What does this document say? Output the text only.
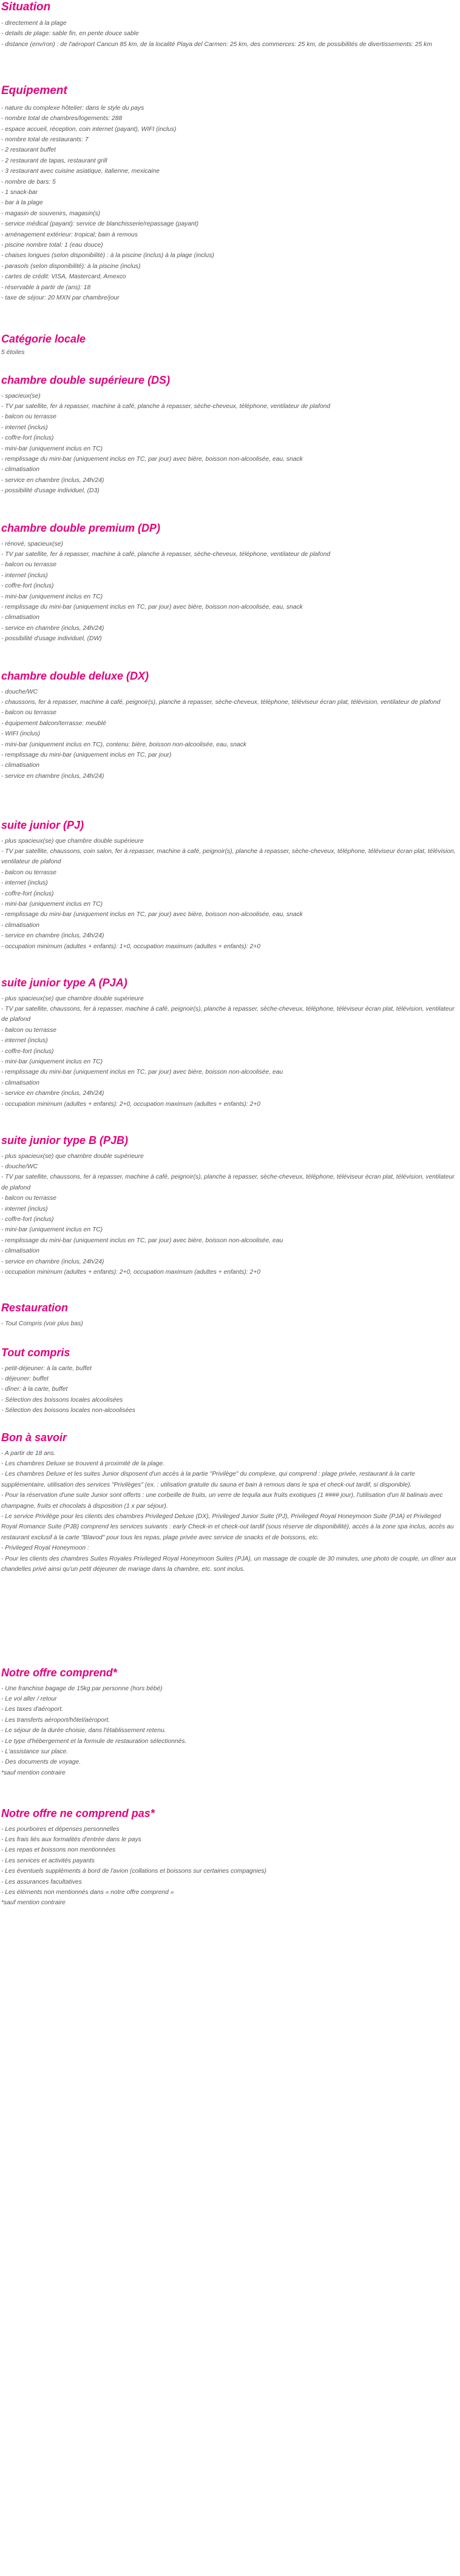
Situation
- directement à la plage
- details de plage: sable fin, en pente douce sable
- distance (env/ron) : de l'aéroport Cancun 85 km, de la localité Playa del Carmen: 25 km, des commerces: 25 km, de possibilités de divertissements: 25 km
Equipement
- nature du complexe hôtelier: dans le style du pays
- nombre total de chambres/logements: 288
- espace accueil, réception, coin internet (payant), WIFI (inclus)
- nombre total de restaurants: 7
- 2 restaurant buffet
- 2 restaurant de tapas, restaurant grill
- 3 restaurant avec cuisine asiatique, italienne, mexicaine
- nombre de bars: 5
- 1 snack-bar
- bar à la plage
- magasin de souvenirs, magasin(s)
- service médical (payant): service de blanchisserie/repassage (payant)
- aménagement extérieur: tropical; bain à remous
- piscine nombre total: 1 (eau douce)
- chaises longues (selon disponibilité) : à la piscine (inclus) à la plage (inclus)
- parasols (selon disponibilité): à la piscine (inclus)
- cartes de crédit: VISA, Mastercard, Amexco
- réservable à partir de (ans): 18
- taxe de séjour: 20 MXN par chambre/jour
Catégorie locale
5 étoiles
chambre double supérieure (DS)
- spacieux(se)
- TV par satellite, fer à repasser, machine à café, planche à repasser, sèche-cheveux, téléphone, ventilateur de plafond
- balcon ou terrasse
- internet (inclus)
- coffre-fort (inclus)
- mini-bar (uniquement inclus en TC)
- remplissage du mini-bar (uniquement inclus en TC, par jour) avec bière, boisson non-alcoolisée, eau, snack
- climatisation
- service en chambre (inclus, 24h/24)
- possibilité d'usage individuel, (D3)
chambre double premium (DP)
- rénové, spacieux(se)
- TV par satellite, fer à repasser, machine à café, planche à repasser, sèche-cheveux, téléphone, ventilateur de plafond
- balcon ou terrasse
- internet (inclus)
- coffre-fort (inclus)
- mini-bar (uniquement inclus en TC)
- remplissage du mini-bar (uniquement inclus en TC, par jour) avec bière, boisson non-alcoolisée, eau, snack
- climatisation
- service en chambre (inclus, 24h/24)
- possibilité d'usage individuel, (DW)
chambre double deluxe (DX)
- douche/WC
- chaussons, fer à repasser, machine à café, peignoir(s), planche à repasser, sèche-cheveux, téléphone, téléviseur écran plat, télévision, ventilateur de plafond
- balcon ou terrasse
- équipement balcon/terrasse: meublé
- WIFI (inclus)
- mini-bar (uniquement inclus en TC), contenu: bière, boisson non-alcoolisée, eau, snack
- remplissage du mini-bar (uniquement inclus en TC, par jour)
- climatisation
- service en chambre (inclus, 24h/24)
suite junior (PJ)
- plus spacieux(se) que chambre double supérieure
- TV par satellite, chaussons, coin salon, fer à repasser, machine à café, peignoir(s), planche à repasser, sèche-cheveux, téléphone, téléviseur écran plat, télévision, ventilateur de plafond
- balcon ou terrasse
- internet (inclus)
- coffre-fort (inclus)
- mini-bar (uniquement inclus en TC)
- remplissage du mini-bar (uniquement inclus en TC, par jour) avec bière, boisson non-alcoolisée, eau, snack
- climatisation
- service en chambre (inclus, 24h/24)
- occupation minimum (adultes + enfants): 1+0, occupation maximum (adultes + enfants): 2+0
suite junior type A (PJA)
- plus spacieux(se) que chambre double supérieure
- TV par satellite, chaussons, fer à repasser, machine à café, peignoir(s), planche à repasser, sèche-cheveux, téléphone, téléviseur écran plat, télévision, ventilateur de plafond
- balcon ou terrasse
- internet (inclus)
- coffre-fort (inclus)
- mini-bar (uniquement inclus en TC)
- remplissage du mini-bar (uniquement inclus en TC, par jour) avec bière, boisson non-alcoolisée, eau
- climatisation
- service en chambre (inclus, 24h/24)
- occupation minimum (adultes + enfants): 2+0, occupation maximum (adultes + enfants): 2+0
suite junior type B (PJB)
- plus spacieux(se) que chambre double supérieure
- douche/WC
- TV par satellite, chaussons, fer à repasser, machine à café, peignoir(s), planche à repasser, sèche-cheveux, téléphone, téléviseur écran plat, télévision, ventilateur de plafond
- balcon ou terrasse
- internet (inclus)
- coffre-fort (inclus)
- mini-bar (uniquement inclus en TC)
- remplissage du mini-bar (uniquement inclus en TC, par jour) avec bière, boisson non-alcoolisée, eau
- climatisation
- service en chambre (inclus, 24h/24)
- occupation minimum (adultes + enfants): 2+0, occupation maximum (adultes + enfants): 2+0
Restauration
- Tout Compris (voir plus bas)
Tout compris
- petit-déjeuner: à la carte, buffet
- déjeuner: buffet
- dîner: à la carte, buffet
- Sélection des boissons locales alcoolisées
- Sélection des boissons locales non-alcoolisées
Bon à savoir
- A partir de 18 ans.
- Les chambres Deluxe se trouvent à proximité de la plage.
- Les chambres Deluxe et les suites Junior disposent d'un accès à la partie "Privilège" du complexe, qui comprend : plage privée, restaurant à la carte supplémentaire, utilisation des services "Privilèges" (ex. : utilisation gratuite du sauna et bain à remous dans le spa et check-out tardif, si disponible).
- Pour la réservation d'une suite Junior sont offerts : une corbeille de fruits, un verre de tequila aux fruits exotiques (1 #### jour), l'utilisation d'un lit balinais avec champagne, fruits et chocolats à disposition (1 x par séjour).
- Le service Privilège pour les clients des chambres Privileged Deluxe (DX), Privileged Junior Suite (PJ), Privileged Royal Honeymoon Suite (PJA) et Privileged Royal Romance Suite (PJB) comprend les services suivants : early Check-in et check-out tardif (sous réserve de disponibilité), accès à la zone spa inclus, accès au restaurant exclusif à la carte "Blavod" pour tous les repas, plage privée avec service de snacks et de boissons, etc.
- Privileged Royal Honeymoon :
- Pour les clients des chambres Suites Royales Privileged Royal Honeymoon Suites (PJA), un massage de couple de 30 minutes, une photo de couple, un dîner aux chandelles privé ainsi qu'un petit déjeuner de mariage dans la chambre, etc. sont inclus.
Notre offre comprend*
- Une franchise bagage de 15kg par personne (hors bébé)
- Le vol aller / retour
- Les taxes d'aéroport.
- Les transferts aéroport/hôtel/aéroport.
- Le séjour de la durée choisie, dans l'établissement retenu.
- Le type d'hébergement et la formule de restauration sélectionnés.
- L'assistance sur place.
- Des documents de voyage.
*sauf mention contraire
Notre offre ne comprend pas*
- Les pourboires et dépenses personnelles
- Les frais liés aux formalités d'entrée dans le pays
- Les repas et boissons non mentionnées
- Les services et activités payants
- Les éventuels suppléments à bord de l'avion (collations et boissons sur certaines compagnies)
- Les assurances facultatives
- Les éléments non mentionnés dans « notre offre comprend »
*sauf mention contraire
